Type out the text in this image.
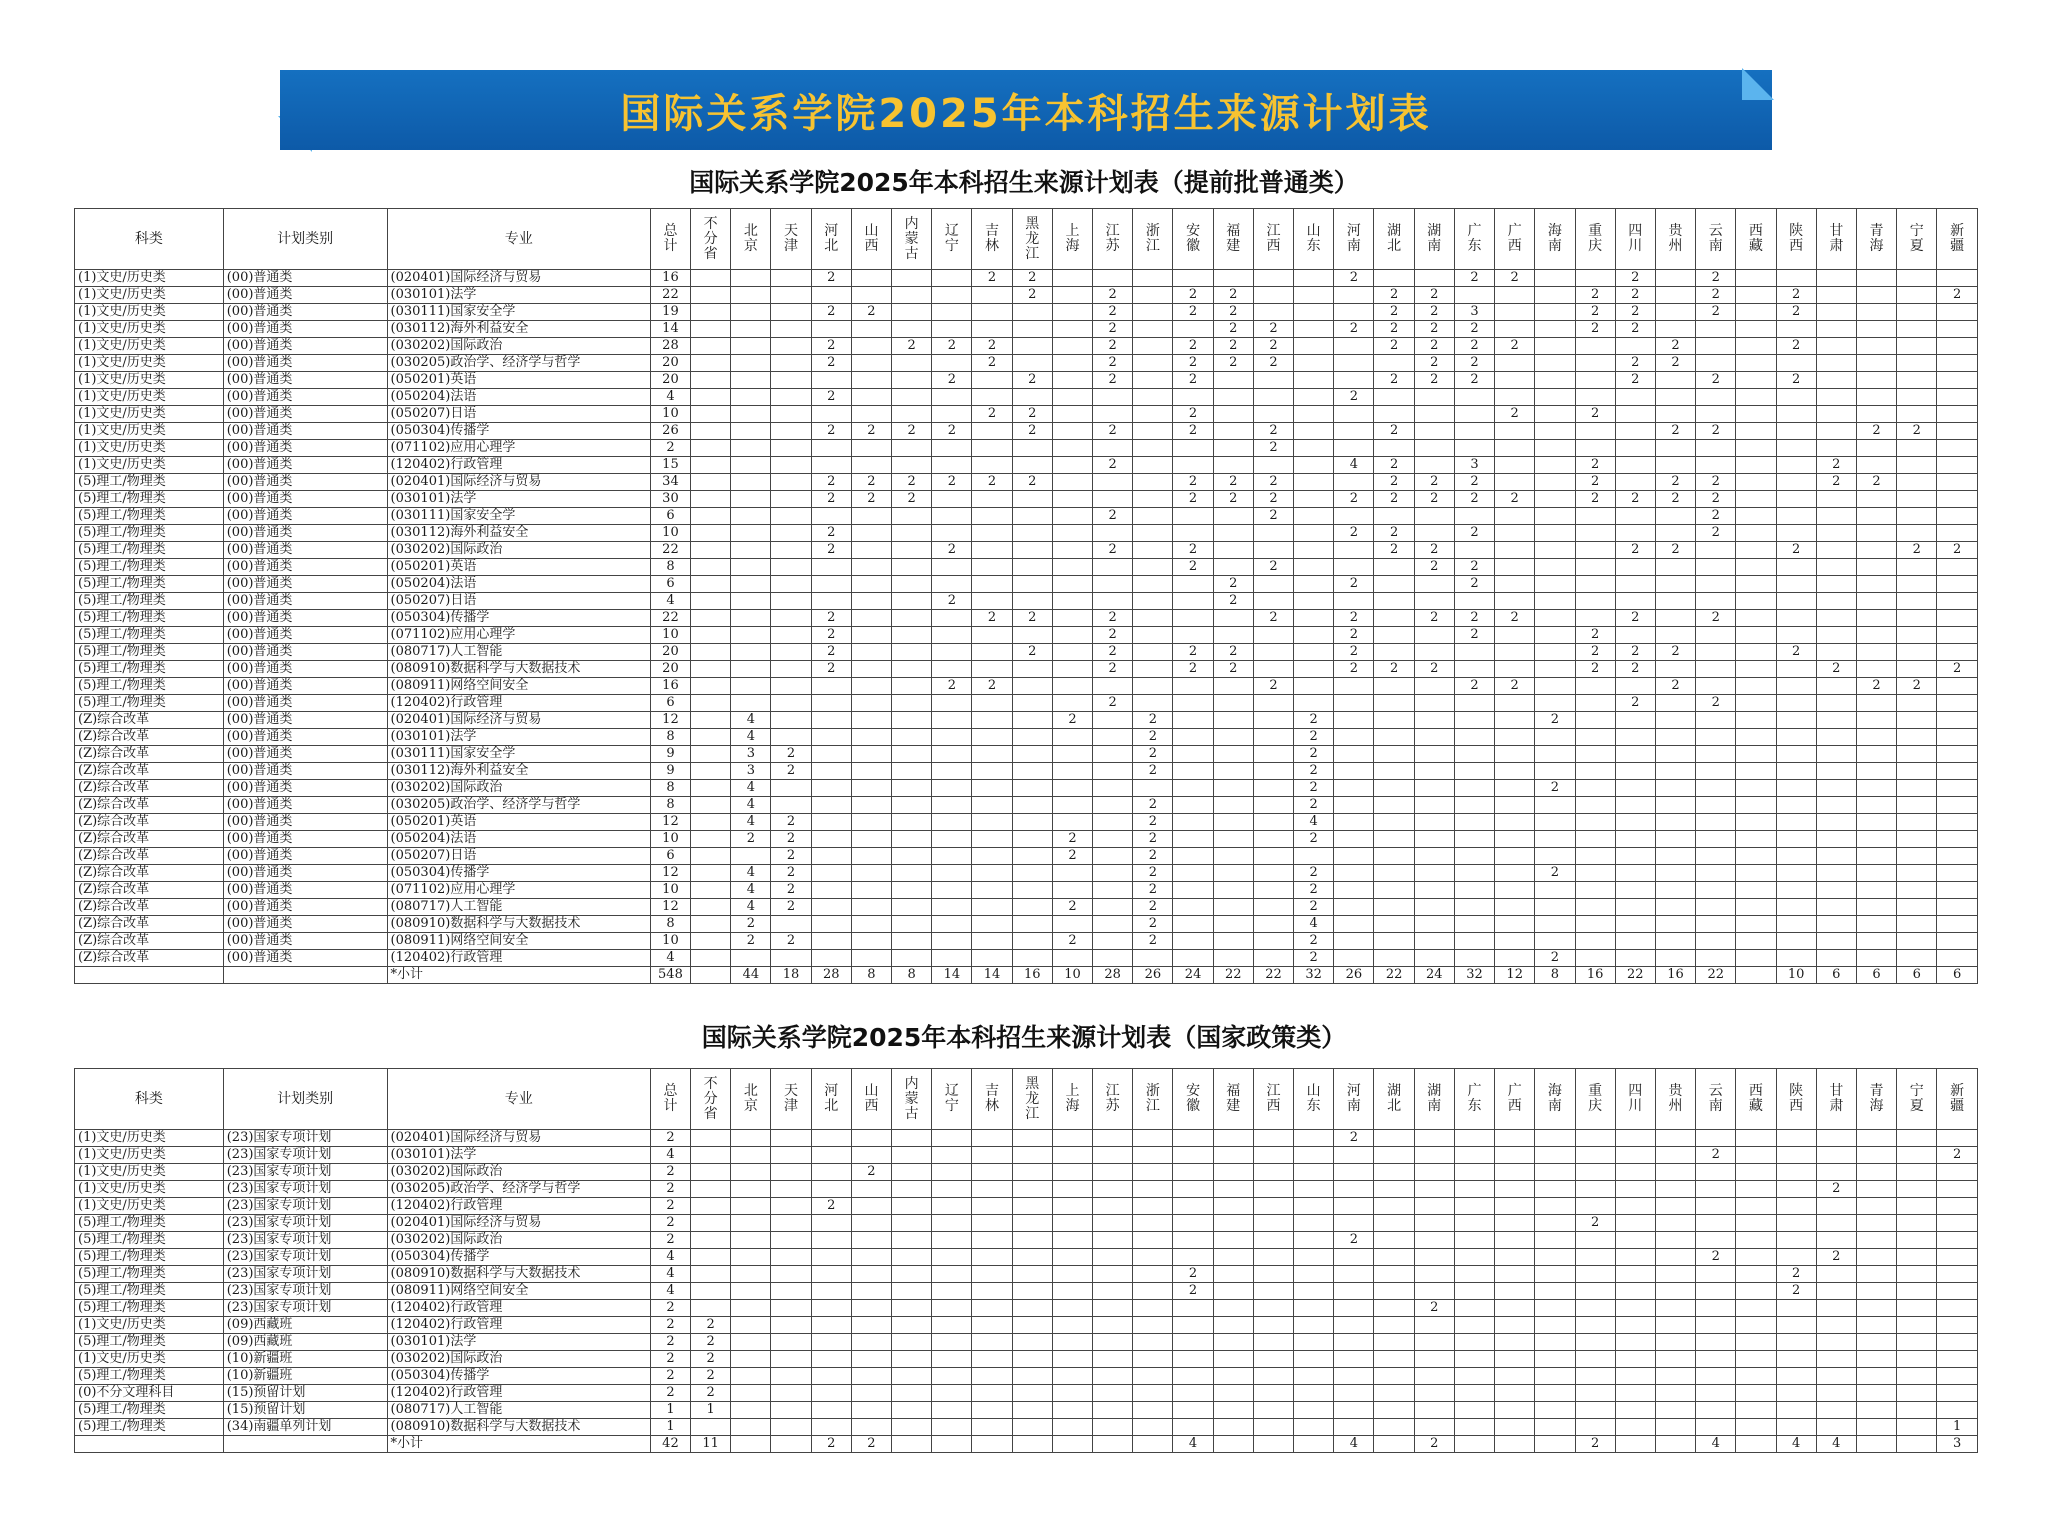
国际关系学院2025年本科招生来源计划表
国际关系学院2025年本科招生来源计划表（提前批普通类）
科类	计划类别	专业	总计	不分省	北京	天津	河北	山西	内蒙古	辽宁	吉林	黑龙江	上海	江苏	浙江	安徽	福建	江西	山东	河南	湖北	湖南	广东	广西	海南	重庆	四川	贵州	云南	西藏	陕西	甘肃	青海	宁夏	新疆
(1)文史/历史类	(00)普通类	(020401)国际经济与贸易	16				2				2	2								2			2	2			2		2						
(1)文史/历史类	(00)普通类	(030101)法学	22									2		2		2	2				2	2				2	2		2		2				2
(1)文史/历史类	(00)普通类	(030111)国家安全学	19				2	2						2		2	2				2	2	3			2	2		2		2				
(1)文史/历史类	(00)普通类	(030112)海外利益安全	14											2			2	2		2	2	2	2			2	2								
(1)文史/历史类	(00)普通类	(030202)国际政治	28				2		2	2	2			2		2	2	2			2	2	2	2				2			2				
(1)文史/历史类	(00)普通类	(030205)政治学、经济学与哲学	20				2				2			2		2	2	2				2	2				2	2							
(1)文史/历史类	(00)普通类	(050201)英语	20							2		2		2		2					2	2	2				2		2		2				
(1)文史/历史类	(00)普通类	(050204)法语	4				2													2															
(1)文史/历史类	(00)普通类	(050207)日语	10								2	2				2								2		2									
(1)文史/历史类	(00)普通类	(050304)传播学	26				2	2	2	2		2		2		2		2			2							2	2				2	2	
(1)文史/历史类	(00)普通类	(071102)应用心理学	2															2																	
(1)文史/历史类	(00)普通类	(120402)行政管理	15											2						4	2		3			2						2			
(5)理工/物理类	(00)普通类	(020401)国际经济与贸易	34				2	2	2	2	2	2				2	2	2			2	2	2			2		2	2			2	2		
(5)理工/物理类	(00)普通类	(030101)法学	30				2	2	2							2	2	2		2	2	2	2	2		2	2	2	2						
(5)理工/物理类	(00)普通类	(030111)国家安全学	6											2				2											2						
(5)理工/物理类	(00)普通类	(030112)海外利益安全	10				2													2	2		2						2						
(5)理工/物理类	(00)普通类	(030202)国际政治	22				2			2				2		2					2	2					2	2			2			2	2
(5)理工/物理类	(00)普通类	(050201)英语	8													2		2				2	2												
(5)理工/物理类	(00)普通类	(050204)法语	6														2			2			2												
(5)理工/物理类	(00)普通类	(050207)日语	4							2							2																		
(5)理工/物理类	(00)普通类	(050304)传播学	22				2				2	2		2				2		2		2	2	2			2		2						
(5)理工/物理类	(00)普通类	(071102)应用心理学	10				2							2						2			2			2									
(5)理工/物理类	(00)普通类	(080717)人工智能	20				2					2		2		2	2			2						2	2	2			2				
(5)理工/物理类	(00)普通类	(080910)数据科学与大数据技术	20				2							2		2	2			2	2	2				2	2					2			2
(5)理工/物理类	(00)普通类	(080911)网络空间安全	16							2	2							2					2	2				2					2	2	
(5)理工/物理类	(00)普通类	(120402)行政管理	6											2													2		2						
(Z)综合改革	(00)普通类	(020401)国际经济与贸易	12		4								2		2				2						2										
(Z)综合改革	(00)普通类	(030101)法学	8		4										2				2																
(Z)综合改革	(00)普通类	(030111)国家安全学	9		3	2									2				2																
(Z)综合改革	(00)普通类	(030112)海外利益安全	9		3	2									2				2																
(Z)综合改革	(00)普通类	(030202)国际政治	8		4														2						2										
(Z)综合改革	(00)普通类	(030205)政治学、经济学与哲学	8		4										2				2																
(Z)综合改革	(00)普通类	(050201)英语	12		4	2									2				4																
(Z)综合改革	(00)普通类	(050204)法语	10		2	2							2		2				2																
(Z)综合改革	(00)普通类	(050207)日语	6			2							2		2																				
(Z)综合改革	(00)普通类	(050304)传播学	12		4	2									2				2						2										
(Z)综合改革	(00)普通类	(071102)应用心理学	10		4	2									2				2																
(Z)综合改革	(00)普通类	(080717)人工智能	12		4	2							2		2				2																
(Z)综合改革	(00)普通类	(080910)数据科学与大数据技术	8		2										2				4																
(Z)综合改革	(00)普通类	(080911)网络空间安全	10		2	2							2		2				2																
(Z)综合改革	(00)普通类	(120402)行政管理	4																2						2										
		*小计	548		44	18	28	8	8	14	14	16	10	28	26	24	22	22	32	26	22	24	32	12	8	16	22	16	22		10	6	6	6	6
国际关系学院2025年本科招生来源计划表（国家政策类）
科类	计划类别	专业	总计	不分省	北京	天津	河北	山西	内蒙古	辽宁	吉林	黑龙江	上海	江苏	浙江	安徽	福建	江西	山东	河南	湖北	湖南	广东	广西	海南	重庆	四川	贵州	云南	西藏	陕西	甘肃	青海	宁夏	新疆
(1)文史/历史类	(23)国家专项计划	(020401)国际经济与贸易	2																	2															
(1)文史/历史类	(23)国家专项计划	(030101)法学	4																										2						2
(1)文史/历史类	(23)国家专项计划	(030202)国际政治	2					2																											
(1)文史/历史类	(23)国家专项计划	(030205)政治学、经济学与哲学	2																													2			
(1)文史/历史类	(23)国家专项计划	(120402)行政管理	2				2																												
(5)理工/物理类	(23)国家专项计划	(020401)国际经济与贸易	2																							2									
(5)理工/物理类	(23)国家专项计划	(030202)国际政治	2																	2															
(5)理工/物理类	(23)国家专项计划	(050304)传播学	4																										2			2			
(5)理工/物理类	(23)国家专项计划	(080910)数据科学与大数据技术	4													2															2				
(5)理工/物理类	(23)国家专项计划	(080911)网络空间安全	4													2															2				
(5)理工/物理类	(23)国家专项计划	(120402)行政管理	2																			2													
(1)文史/历史类	(09)西藏班	(120402)行政管理	2	2																															
(5)理工/物理类	(09)西藏班	(030101)法学	2	2																															
(1)文史/历史类	(10)新疆班	(030202)国际政治	2	2																															
(5)理工/物理类	(10)新疆班	(050304)传播学	2	2																															
(0)不分文理科目	(15)预留计划	(120402)行政管理	2	2																															
(5)理工/物理类	(15)预留计划	(080717)人工智能	1	1																															
(5)理工/物理类	(34)南疆单列计划	(080910)数据科学与大数据技术	1																																1
		*小计	42	11			2	2								4				4		2				2			4		4	4			3
